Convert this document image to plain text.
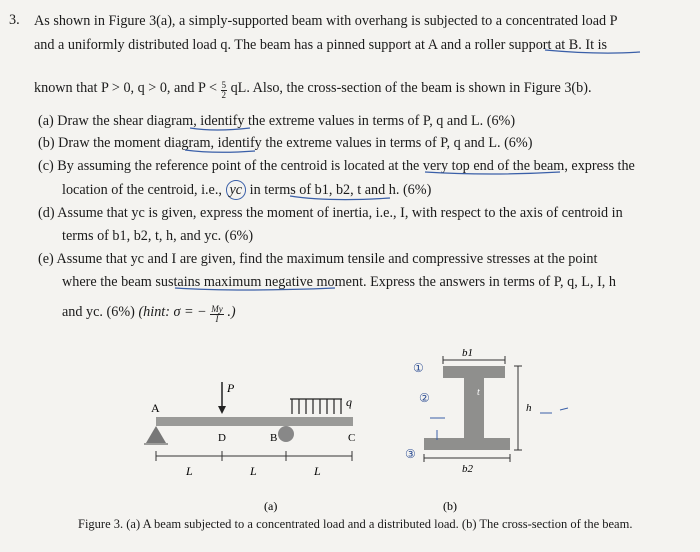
3. As shown in Figure 3(a), a simply-supported beam with overhang is subjected to a concentrated load P
and a uniformly distributed load q. The beam has a pinned support at A and a roller support at B. It is
known that P > 0, q > 0, and $P < \frac{5}{2}$ qL. Also, the cross-section of the beam is shown in Figure 3(b).
(a) Draw the shear diagram, identify the extreme values in terms of P, q and L. (6%)
(b) Draw the moment diagram, identify the extreme values in terms of P, q and L. (6%)
(c) By assuming the reference point of the centroid is located at the very top end of the beam, express the
location of the centroid, i.e., yc in terms of b1, b2, t and h. (6%)
(d) Assume that yc is given, express the moment of inertia, i.e., I, with respect to the axis of centroid in
terms of b1, b2, t, h, and yc. (6%)
(e) Assume that yc and I are given, find the maximum tensile and compressive stresses at the point
where the beam sustains maximum negative moment. Express the answers in terms of P, q, L, I, h
and yc. (6%) (hint: σ = − $\frac{My}{I}$ .)
A
P
q
D	B	C
L	L	L
(a)
b1
t
h
b2
①
②
③
(b)
Figure 3. (a) A beam subjected to a concentrated load and a distributed load. (b) The cross-section of the beam.
